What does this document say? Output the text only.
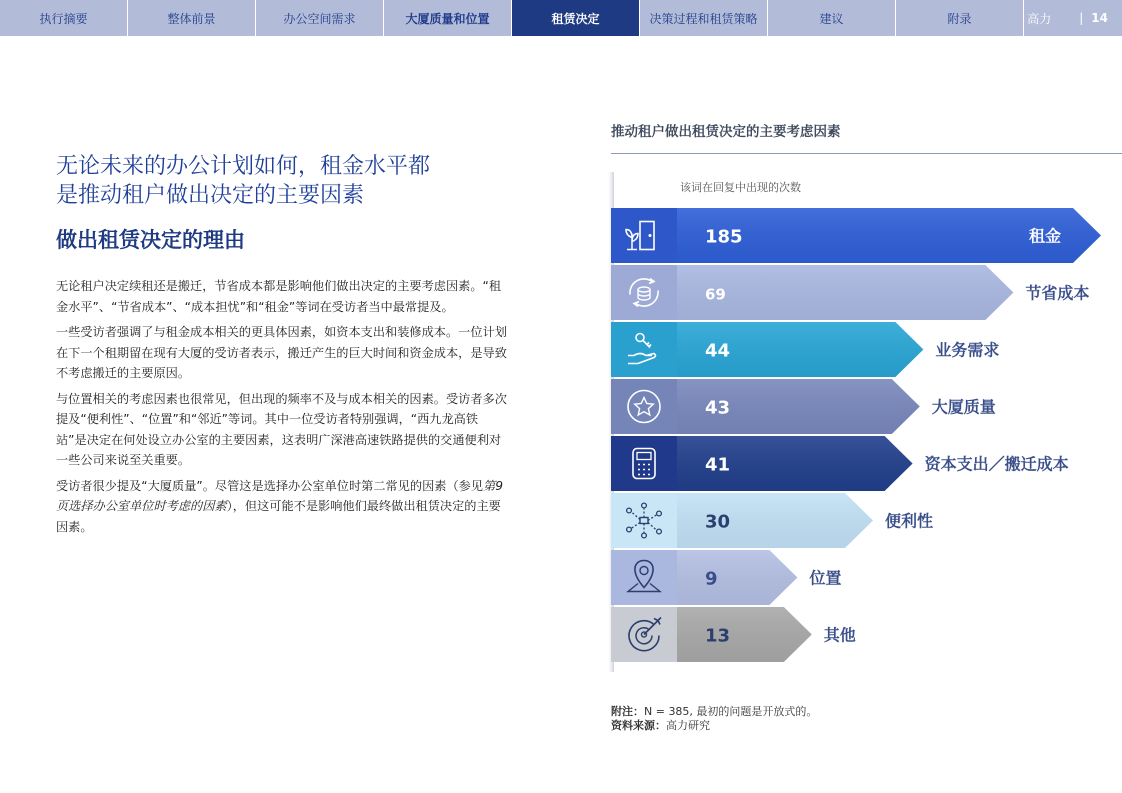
执行摘要	整体前景	办公空间需求	大厦质量和位置	租赁决定	决策过程和租赁策略	建议	附录	高力 | 14
无论未来的办公计划如何，租金水平都
是推动租户做出决定的主要因素
做出租赁决定的理由

无论租户决定续租还是搬迁，节省成本都是影响他们做出决定的主要考虑因素。“租金水平”、“节省成本”、“成本担忧”和“租金”等词在受访者当中最常提及。

一些受访者强调了与租金成本相关的更具体因素，如资本支出和装修成本。一位计划在下一个租期留在现有大厦的受访者表示，搬迁产生的巨大时间和资金成本，是导致不考虑搬迁的主要原因。

与位置相关的考虑因素也很常见，但出现的频率不及与成本相关的因素。受访者多次提及“便利性”、“位置”和“邻近”等词。其中一位受访者特别强调，“西九龙高铁站”是决定在何处设立办公室的主要因素，这表明广深港高速铁路提供的交通便利对一些公司来说至关重要。

受访者很少提及“大厦质量”。尽管这是选择办公室单位时第二常见的因素（参见第9页选择办公室单位时考虑的因素），但这可能不是影响他们最终做出租赁决定的主要因素。

推动租户做出租赁决定的主要考虑因素
该词在回复中出现的次数
185	租金
69	节省成本
44	业务需求
43	大厦质量
41	资本支出／搬迁成本
30	便利性
9	位置
13	其他
附注：N = 385, 最初的问题是开放式的。
资料来源：高力研究
